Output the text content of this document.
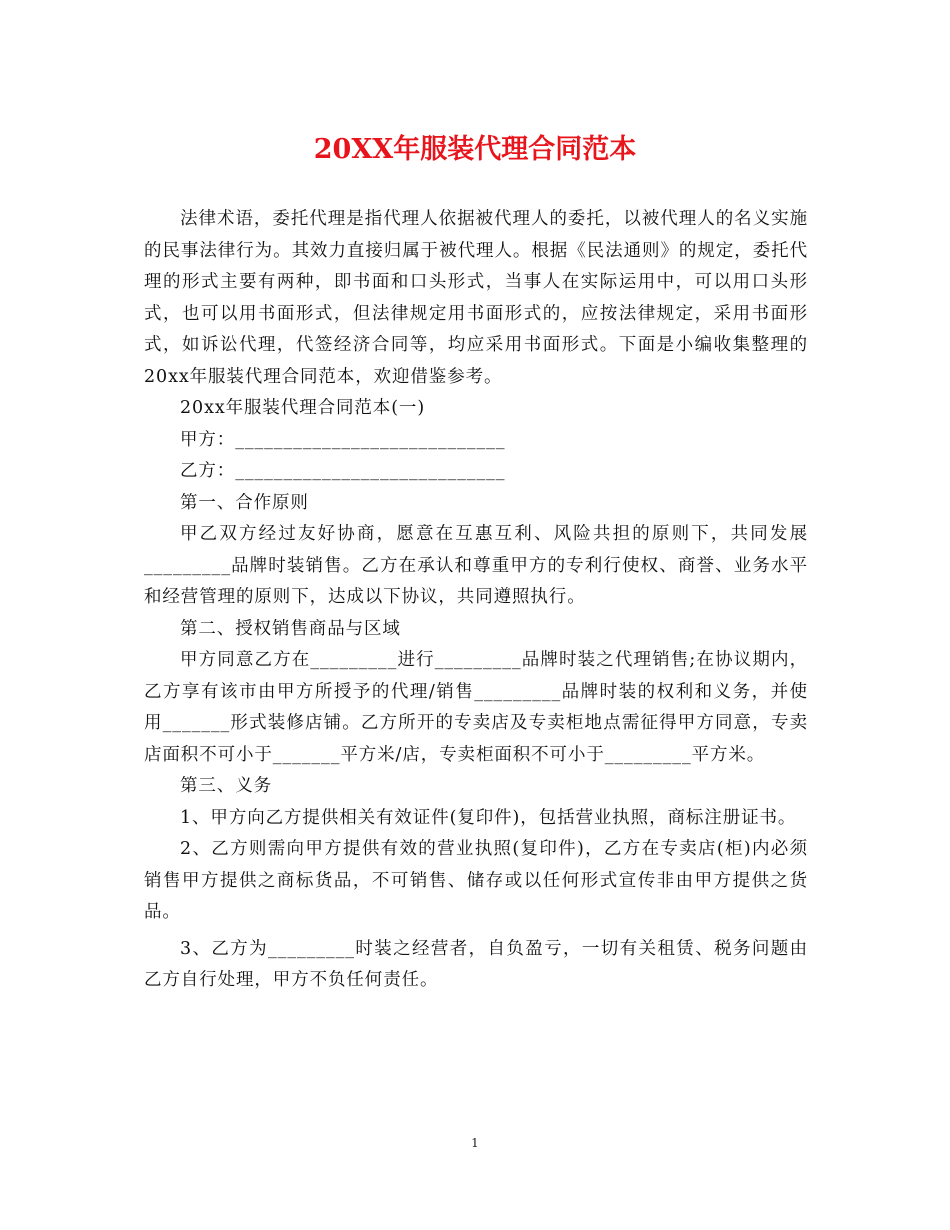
20XX年服装代理合同范本

法律术语，委托代理是指代理人依据被代理人的委托，以被代理人的名义实施的民事法律行为。其效力直接归属于被代理人。根据《民法通则》的规定，委托代理的形式主要有两种，即书面和口头形式，当事人在实际运用中，可以用口头形式，也可以用书面形式，但法律规定用书面形式的，应按法律规定，采用书面形式，如诉讼代理，代签经济合同等，均应采用书面形式。下面是小编收集整理的20xx年服装代理合同范本，欢迎借鉴参考。

20xx年服装代理合同范本(一)

甲方：____________________________

乙方：____________________________

第一、合作原则

甲乙双方经过友好协商，愿意在互惠互利、风险共担的原则下，共同发展_________品牌时装销售。乙方在承认和尊重甲方的专利行使权、商誉、业务水平和经营管理的原则下，达成以下协议，共同遵照执行。

第二、授权销售商品与区域

甲方同意乙方在_________进行_________品牌时装之代理销售;在协议期内，乙方享有该市由甲方所授予的代理/销售_________品牌时装的权利和义务，并使用_______形式装修店铺。乙方所开的专卖店及专卖柜地点需征得甲方同意，专卖店面积不可小于_______平方米/店，专卖柜面积不可小于_________平方米。

第三、义务

1、甲方向乙方提供相关有效证件(复印件)，包括营业执照，商标注册证书。

2、乙方则需向甲方提供有效的营业执照(复印件)，乙方在专卖店(柜)内必须销售甲方提供之商标货品，不可销售、储存或以任何形式宣传非由甲方提供之货品。

3、乙方为_________时装之经营者，自负盈亏，一切有关租赁、税务问题由乙方自行处理，甲方不负任何责任。

1
